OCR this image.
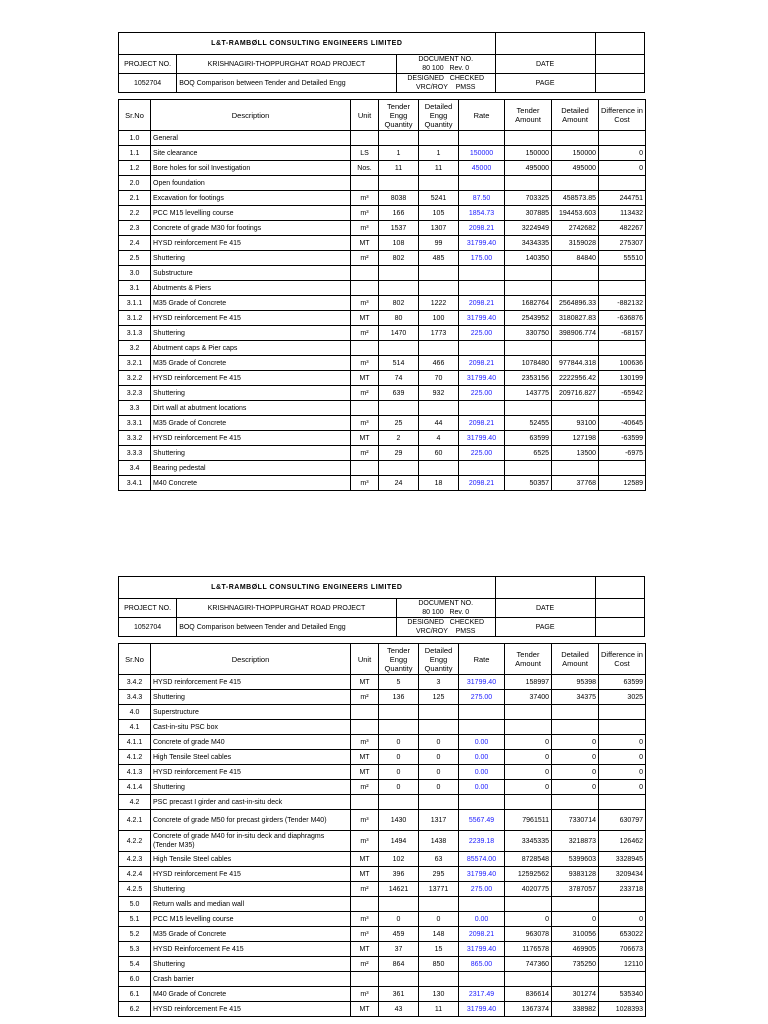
L&T-RAMBØLL CONSULTING ENGINEERS LIMITED				
PROJECT NO.	KRISHNAGIRI-THOPPURGHAT ROAD PROJECT	DOCUMENT NO.
80 100 Rev. 0	DATE	
1052704	BOQ Comparison between Tender and Detailed Engg	DESIGNED CHECKED
VRC/ROY PMSS	PAGE	
Sr.No	Description	Unit	Tender Engg Quantity	Detailed Engg Quantity	Rate	Tender Amount	Detailed Amount	Difference in Cost
1.0	General							
1.1	Site clearance	LS	1	1	150000	150000	150000	0
1.2	Bore holes for soil Investigation	Nos.	11	11	45000	495000	495000	0
2.0	Open foundation							
2.1	Excavation for footings	m³	8038	5241	87.50	703325	458573.85	244751
2.2	PCC M15 levelling course	m³	166	105	1854.73	307885	194453.603	113432
2.3	Concrete of grade M30 for footings	m³	1537	1307	2098.21	3224949	2742682	482267
2.4	HYSD reinforcement Fe 415	MT	108	99	31799.40	3434335	3159028	275307
2.5	Shuttering	m²	802	485	175.00	140350	84840	55510
3.0	Substructure							
3.1	Abutments & Piers							
3.1.1	M35 Grade of Concrete	m³	802	1222	2098.21	1682764	2564896.33	-882132
3.1.2	HYSD reinforcement Fe 415	MT	80	100	31799.40	2543952	3180827.83	-636876
3.1.3	Shuttering	m²	1470	1773	225.00	330750	398906.774	-68157
3.2	Abutment caps & Pier caps							
3.2.1	M35 Grade of Concrete	m³	514	466	2098.21	1078480	977844.318	100636
3.2.2	HYSD reinforcement Fe 415	MT	74	70	31799.40	2353156	2222956.42	130199
3.2.3	Shuttering	m²	639	932	225.00	143775	209716.827	-65942
3.3	Dirt wall at abutment locations							
3.3.1	M35 Grade of Concrete	m³	25	44	2098.21	52455	93100	-40645
3.3.2	HYSD reinforcement Fe 415	MT	2	4	31799.40	63599	127198	-63599
3.3.3	Shuttering	m²	29	60	225.00	6525	13500	-6975
3.4	Bearing pedestal							
3.4.1	M40 Concrete	m³	24	18	2098.21	50357	37768	12589
L&T-RAMBØLL CONSULTING ENGINEERS LIMITED				
PROJECT NO.	KRISHNAGIRI-THOPPURGHAT ROAD PROJECT	DOCUMENT NO.
80 100 Rev. 0	DATE	
1052704	BOQ Comparison between Tender and Detailed Engg	DESIGNED CHECKED
VRC/ROY PMSS	PAGE	
Sr.No	Description	Unit	Tender Engg Quantity	Detailed Engg Quantity	Rate	Tender Amount	Detailed Amount	Difference in Cost
3.4.2	HYSD reinforcement Fe 415	MT	5	3	31799.40	158997	95398	63599
3.4.3	Shuttering	m²	136	125	275.00	37400	34375	3025
4.0	Superstructure							
4.1	Cast-in-situ PSC box							
4.1.1	Concrete of grade M40	m³	0	0	0.00	0	0	0
4.1.2	High Tensile Steel cables	MT	0	0	0.00	0	0	0
4.1.3	HYSD reinforcement Fe 415	MT	0	0	0.00	0	0	0
4.1.4	Shuttering	m²	0	0	0.00	0	0	0
4.2	PSC precast I girder and cast-in-situ deck							
4.2.1	Concrete of grade M50 for precast girders (Tender M40)	m³	1430	1317	5567.49	7961511	7330714	630797
4.2.2	Concrete of grade M40 for in-situ deck and diaphragms (Tender M35)	m³	1494	1438	2239.18	3345335	3218873	126462
4.2.3	High Tensile Steel cables	MT	102	63	85574.00	8728548	5399603	3328945
4.2.4	HYSD reinforcement Fe 415	MT	396	295	31799.40	12592562	9383128	3209434
4.2.5	Shuttering	m²	14621	13771	275.00	4020775	3787057	233718
5.0	Return walls and median wall							
5.1	PCC M15 levelling course	m³	0	0	0.00	0	0	0
5.2	M35 Grade of Concrete	m³	459	148	2098.21	963078	310056	653022
5.3	HYSD Reinforcement Fe 415	MT	37	15	31799.40	1176578	469905	706673
5.4	Shuttering	m²	864	850	865.00	747360	735250	12110
6.0	Crash barrier							
6.1	M40 Grade of Concrete	m³	361	130	2317.49	836614	301274	535340
6.2	HYSD reinforcement Fe 415	MT	43	11	31799.40	1367374	338982	1028393
